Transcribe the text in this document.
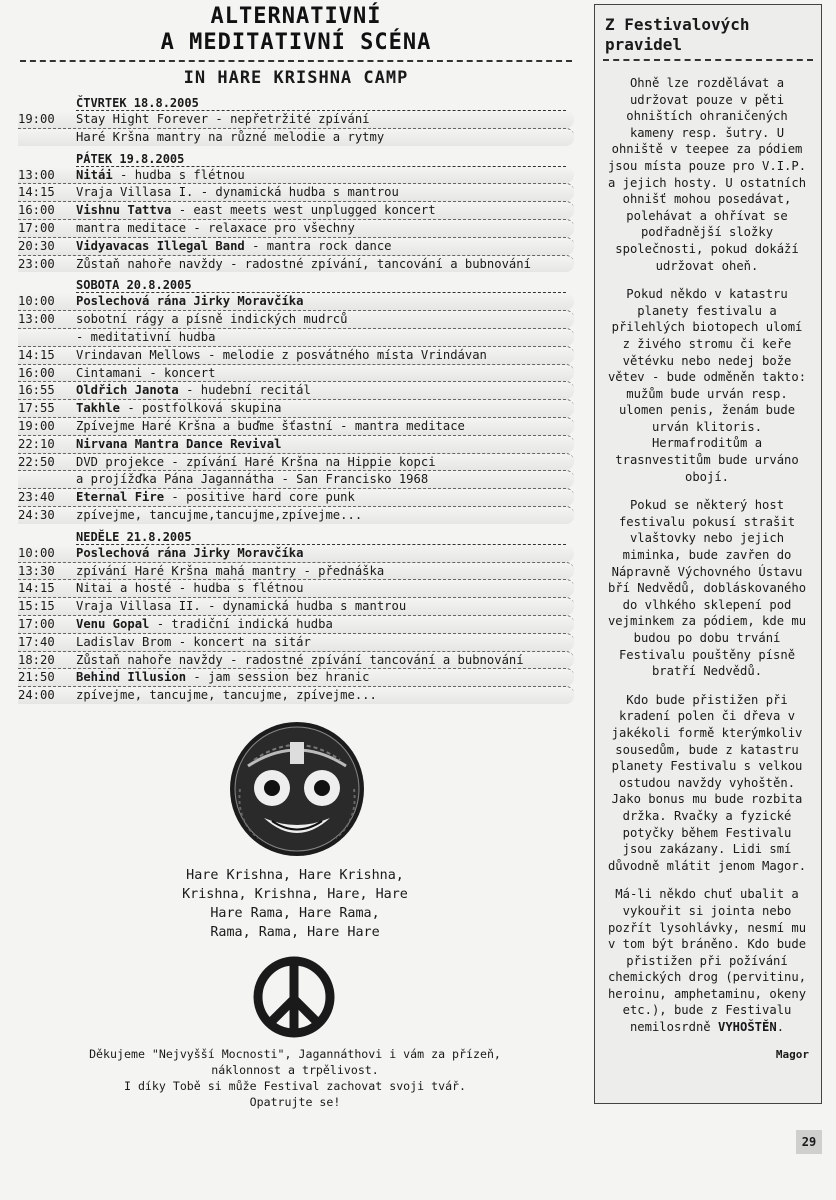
ALTERNATIVNÍ
A MEDITATIVNÍ SCÉNA
IN HARE KRISHNA CAMP
ČTVRTEK 18.8.2005
19:00	Stay Hight Forever - nepřetržité zpívání
Haré Kršna mantry na různé melodie a rytmy
PÁTEK 19.8.2005
13:00	Nitái - hudba s flétnou
14:15	Vraja Villasa I. - dynamická hudba s mantrou
16:00	Vishnu Tattva - east meets west unplugged koncert
17:00	mantra meditace - relaxace pro všechny
20:30	Vidyavacas Illegal Band - mantra rock dance
23:00	Zůstaň nahoře navždy - radostné zpívání, tancování a bubnování
SOBOTA 20.8.2005
10:00	Poslechová ránа Jirky Moravčíka
13:00	sobotní rágy a písně indických mudrců
- meditativní hudba
14:15	Vrindavan Mellows - melodie z posvátného místa Vrindávan
16:00	Cintamani - koncert
16:55	Oldřich Janota - hudební recitál
17:55	Takhle - postfolková skupina
19:00	Zpívejme Haré Kršna a buďme šťastní - mantra meditace
22:10	Nirvana Mantra Dance Revival
22:50	DVD projekce - zpívání Haré Kršna na Hippie kopci
a projížďka Pána Jagannátha - San Francisko 1968
23:40	Eternal Fire - positive hard core punk
24:30	zpívejme, tancujme,tancujme,zpívejme...
NEDĚLE 21.8.2005
10:00	Poslechová ránа Jirky Moravčíka
13:30	zpívání Haré Kršna mahá mantry - přednáška
14:15	Nitai a hosté - hudba s flétnou
15:15	Vraja Villasa II. - dynamická hudba s mantrou
17:00	Venu Gopal - tradiční indická hudba
17:40	Ladislav Brom - koncert na sitár
18:20	Zůstaň nahoře navždy - radostné zpívání tancování a bubnování
21:50	Behind Illusion - jam session bez hranic
24:00	zpívejme, tancujme, tancujme, zpívejme...
Hare Krishna, Hare Krishna,
Krishna, Krishna, Hare, Hare
Hare Rama, Hare Rama,
Rama, Rama, Hare Hare
Děkujeme "Nejvyšší Mocnosti", Jagannáthovi i vám za přízeň,
náklonnost a trpělivost.
I díky Tobě si může Festival zachovat svoji tvář.
Opatrujte se!
Z Festivalových
pravidel
Ohně lze rozdělávat a udržovat pouze v pěti ohništích ohraničených kameny resp. šutry. U ohniště v teepee za pódiem jsou místa pouze pro V.I.P. a jejich hosty. U ostatních ohnišť mohou posedávat, polehávat a ohřívat se podřadnější složky společnosti, pokud dokáží udržovat oheň.
Pokud někdo v katastru planety festivalu a přilehlých biotopech ulomí z živého stromu či keře větévku nebo nedej bože větev - bude odměněn takto: mužům bude urván resp. ulomen penis, ženám bude urván klitoris. Hermafroditům a trasnvestitům bude urváno obojí.
Pokud se některý host festivalu pokusí strašit vlaštovky nebo jejich miminka, bude zavřen do Nápravně Výchovného Ústavu bří Nedvědů, dobláskovaného do vlhkého sklepení pod vejminkem za pódiem, kde mu budou po dobu trvání Festivalu pouštěny písně bratří Nedvědů.
Kdo bude přistižen při kradení polen či dřeva v jakékoli formě kterýmkoliv sousedům, bude z katastru planety Festivalu s velkou ostudou navždy vyhoštěn. Jako bonus mu bude rozbita držka. Rvačky a fyzické potyčky během Festivalu jsou zakázany. Lidi smí důvodně mlátit jenom Magor.
Má-li někdo chuť ubalit a vykouřit si jointa nebo pozřít lysohlávky, nesmí mu v tom být bráněno. Kdo bude přistižen při požívání chemických drog (pervitinu, heroinu, amphetaminu, okeny etc.), bude z Festivalu nemilosrdně VYHOŠTĚN.
Magor
29
